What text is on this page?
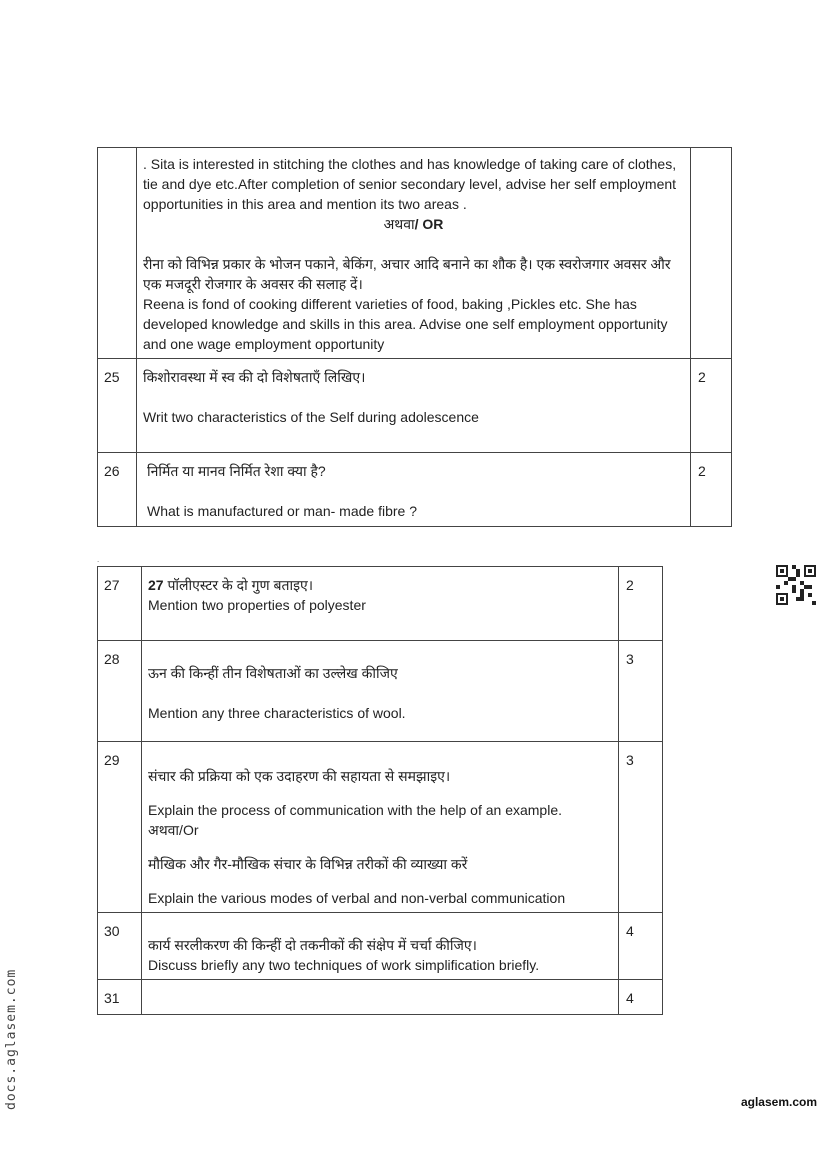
	. Sita is interested in stitching the clothes and has knowledge of taking care of clothes, tie and dye etc.After completion of senior secondary level, advise her self employment opportunities in this area and mention its two areas .
अथवा/ OR
रीना को विभिन्न प्रकार के भोजन पकाने, बेकिंग, अचार आदि बनाने का शौक है। एक स्वरोजगार अवसर और एक मजदूरी रोजगार के अवसर की सलाह दें।
Reena is fond of cooking different varieties of food, baking ,Pickles etc. She has developed knowledge and skills in this area. Advise one self employment opportunity and one wage employment opportunity	

25	किशोरावस्था में स्व की दो विशेषताएँ लिखिए।
Writ two characteristics of the Self during adolescence	2
26	निर्मित या मानव निर्मित रेशा क्या है?
What is manufactured or man- made fibre ?	2
.
27	27 पॉलीएस्टर के दो गुण बताइए।
Mention two properties of polyester	2
28	ऊन की किन्हीं तीन विशेषताओं का उल्लेख कीजिए
Mention any three characteristics of wool.	3
29	संचार की प्रक्रिया को एक उदाहरण की सहायता से समझाइए।
Explain the process of communication with the help of an example.
अथवा/Or
मौखिक और गैर-मौखिक संचार के विभिन्न तरीकों की व्याख्या करें
Explain the various modes of verbal and non-verbal communication	3
30	कार्य सरलीकरण की किन्हीं दो तकनीकों की संक्षेप में चर्चा कीजिए।
Discuss briefly any two techniques of work simplification briefly.	4
31		4
docs.aglasem.com	aglasem.com
